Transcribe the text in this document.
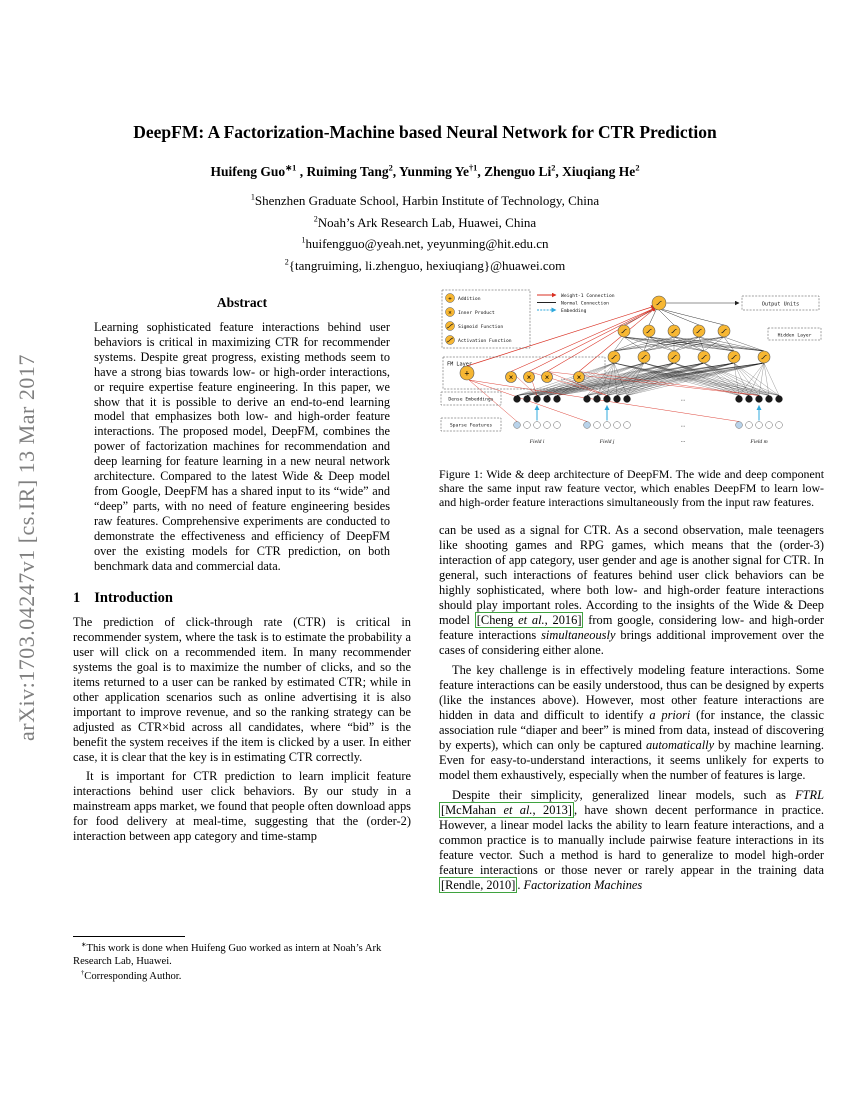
arXiv:1703.04247v1 [cs.IR] 13 Mar 2017
DeepFM: A Factorization-Machine based Neural Network for CTR Prediction
Huifeng Guo$^{∗1}$ , Ruiming Tang$^2$, Yunming Ye$^{\dagger 1}$, Zhenguo Li$^2$, Xiuqiang He$^2$
$^1$Shenzhen Graduate School, Harbin Institute of Technology, China
$^2$Noah’s Ark Research Lab, Huawei, China
$^1$huifengguo@yeah.net, yeyunming@hit.edu.cn
$^2${tangruiming, li.zhenguo, hexiuqiang}@huawei.com
Abstract
Learning sophisticated feature interactions behind user behaviors is critical in maximizing CTR for recommender systems. Despite great progress, existing methods seem to have a strong bias towards low- or high-order interactions, or require expertise feature engineering. In this paper, we show that it is possible to derive an end-to-end learning model that emphasizes both low- and high-order feature interactions. The proposed model, DeepFM, combines the power of factorization machines for recommendation and deep learning for feature learning in a new neural network architecture. Compared to the latest Wide & Deep model from Google, DeepFM has a shared input to its “wide” and “deep” parts, with no need of feature engineering besides raw features. Comprehensive experiments are conducted to demonstrate the effectiveness and efficiency of DeepFM over the existing models for CTR prediction, on both benchmark data and commercial data.
1 Introduction

The prediction of click-through rate (CTR) is critical in recommender system, where the task is to estimate the probability a user will click on a recommended item. In many recommender systems the goal is to maximize the number of clicks, and so the items returned to a user can be ranked by estimated CTR; while in other application scenarios such as online advertising it is also important to improve revenue, and so the ranking strategy can be adjusted as CTR×bid across all candidates, where “bid” is the benefit the system receives if the item is clicked by a user. In either case, it is clear that the key is in estimating CTR correctly.

It is important for CTR prediction to learn implicit feature interactions behind user click behaviors. By our study in a mainstream apps market, we found that people often download apps for food delivery at meal-time, suggesting that the (order-2) interaction between app category and time-stamp

∗This work is done when Huifeng Guo worked as intern at Noah’s Ark Research Lab, Huawei.
†Corresponding Author.
+	× × ×	×
+ Addition
× Inner Product
Sigmoid Function
Activation Function
Weight-1 Connection
Normal Connection
Embedding
Output Units
Hidden Layer
FM Layer
Dense Embeddings
Sparse Features
...
...
...
Field i	Field j	...	Field m
Figure 1: Wide & deep architecture of DeepFM. The wide and deep component share the same input raw feature vector, which enables DeepFM to learn low- and high-order feature interactions simultaneously from the input raw features.

can be used as a signal for CTR. As a second observation, male teenagers like shooting games and RPG games, which means that the (order-3) interaction of app category, user gender and age is another signal for CTR. In general, such interactions of features behind user click behaviors can be highly sophisticated, where both low- and high-order feature interactions should play important roles. According to the insights of the Wide & Deep model [Cheng et al., 2016] from google, considering low- and high-order feature interactions simultaneously brings additional improvement over the cases of considering either alone.

The key challenge is in effectively modeling feature interactions. Some feature interactions can be easily understood, thus can be designed by experts (like the instances above). However, most other feature interactions are hidden in data and difficult to identify a priori (for instance, the classic association rule “diaper and beer” is mined from data, instead of discovering by experts), which can only be captured automatically by machine learning. Even for easy-to-understand interactions, it seems unlikely for experts to model them exhaustively, especially when the number of features is large.

Despite their simplicity, generalized linear models, such as FTRL [McMahan et al., 2013] , have shown decent performance in practice. However, a linear model lacks the ability to learn feature interactions, and a common practice is to manually include pairwise feature interactions in its feature vector. Such a method is hard to generalize to model high-order feature interactions or those never or rarely appear in the training data [Rendle, 2010] . Factorization Machines
